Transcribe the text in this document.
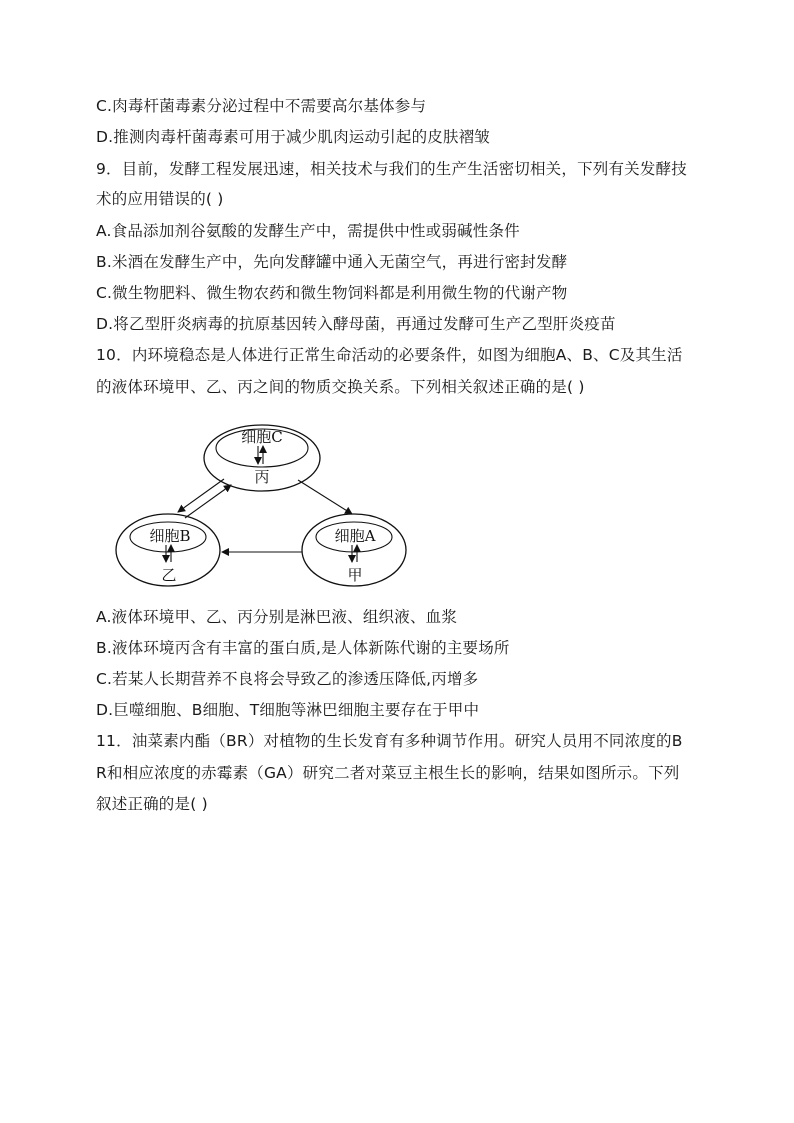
C.肉毒杆菌毒素分泌过程中不需要高尔基体参与
D.推测肉毒杆菌毒素可用于减少肌肉运动引起的皮肤褶皱
9．目前，发酵工程发展迅速，相关技术与我们的生产生活密切相关，下列有关发酵技
术的应用错误的( )
A.食品添加剂谷氨酸的发酵生产中，需提供中性或弱碱性条件
B.米酒在发酵生产中，先向发酵罐中通入无菌空气，再进行密封发酵
C.微生物肥料、微生物农药和微生物饲料都是利用微生物的代谢产物
D.将乙型肝炎病毒的抗原基因转入酵母菌，再通过发酵可生产乙型肝炎疫苗
10．内环境稳态是人体进行正常生命活动的必要条件，如图为细胞A、B、C及其生活
的液体环境甲、乙、丙之间的物质交换关系。下列相关叙述正确的是( )
细胞C
丙
细胞B
乙
细胞A
甲
A.液体环境甲、乙、丙分别是淋巴液、组织液、血浆
B.液体环境丙含有丰富的蛋白质,是人体新陈代谢的主要场所
C.若某人长期营养不良将会导致乙的渗透压降低,丙增多
D.巨噬细胞、B细胞、T细胞等淋巴细胞主要存在于甲中
11．油菜素内酯（BR）对植物的生长发育有多种调节作用。研究人员用不同浓度的B
R和相应浓度的赤霉素（GA）研究二者对菜豆主根生长的影响，结果如图所示。下列
叙述正确的是( )
